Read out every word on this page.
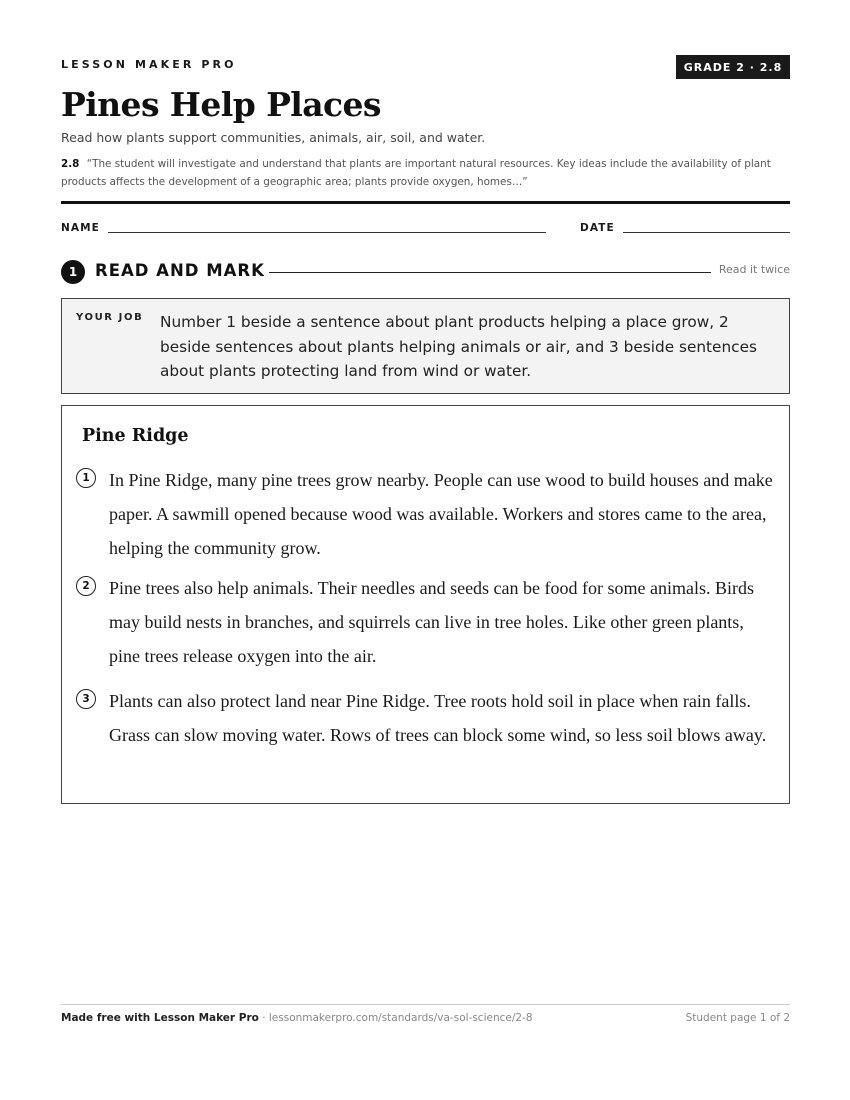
LESSON MAKER PRO	GRADE 2 · 2.8
Pines Help Places
Read how plants support communities, animals, air, soil, and water.
2.8 “The student will investigate and understand that plants are important natural resources. Key ideas include the availability of plant products affects the development of a geographic area; plants provide oxygen, homes…”
NAME	DATE
1	READ AND MARK	Read it twice
YOUR JOB Number 1 beside a sentence about plant products helping a place grow, 2 beside sentences about plants helping animals or air, and 3 beside sentences about plants protecting land from wind or water.
Pine Ridge
1	In Pine Ridge, many pine trees grow nearby. People can use wood to build houses and make paper. A sawmill opened because wood was available. Workers and stores came to the area, helping the community grow.
2	Pine trees also help animals. Their needles and seeds can be food for some animals. Birds may build nests in branches, and squirrels can live in tree holes. Like other green plants, pine trees release oxygen into the air.
3	Plants can also protect land near Pine Ridge. Tree roots hold soil in place when rain falls. Grass can slow moving water. Rows of trees can block some wind, so less soil blows away.
Made free with Lesson Maker Pro · lessonmakerpro.com/standards/va-sol-science/2-8	Student page 1 of 2
